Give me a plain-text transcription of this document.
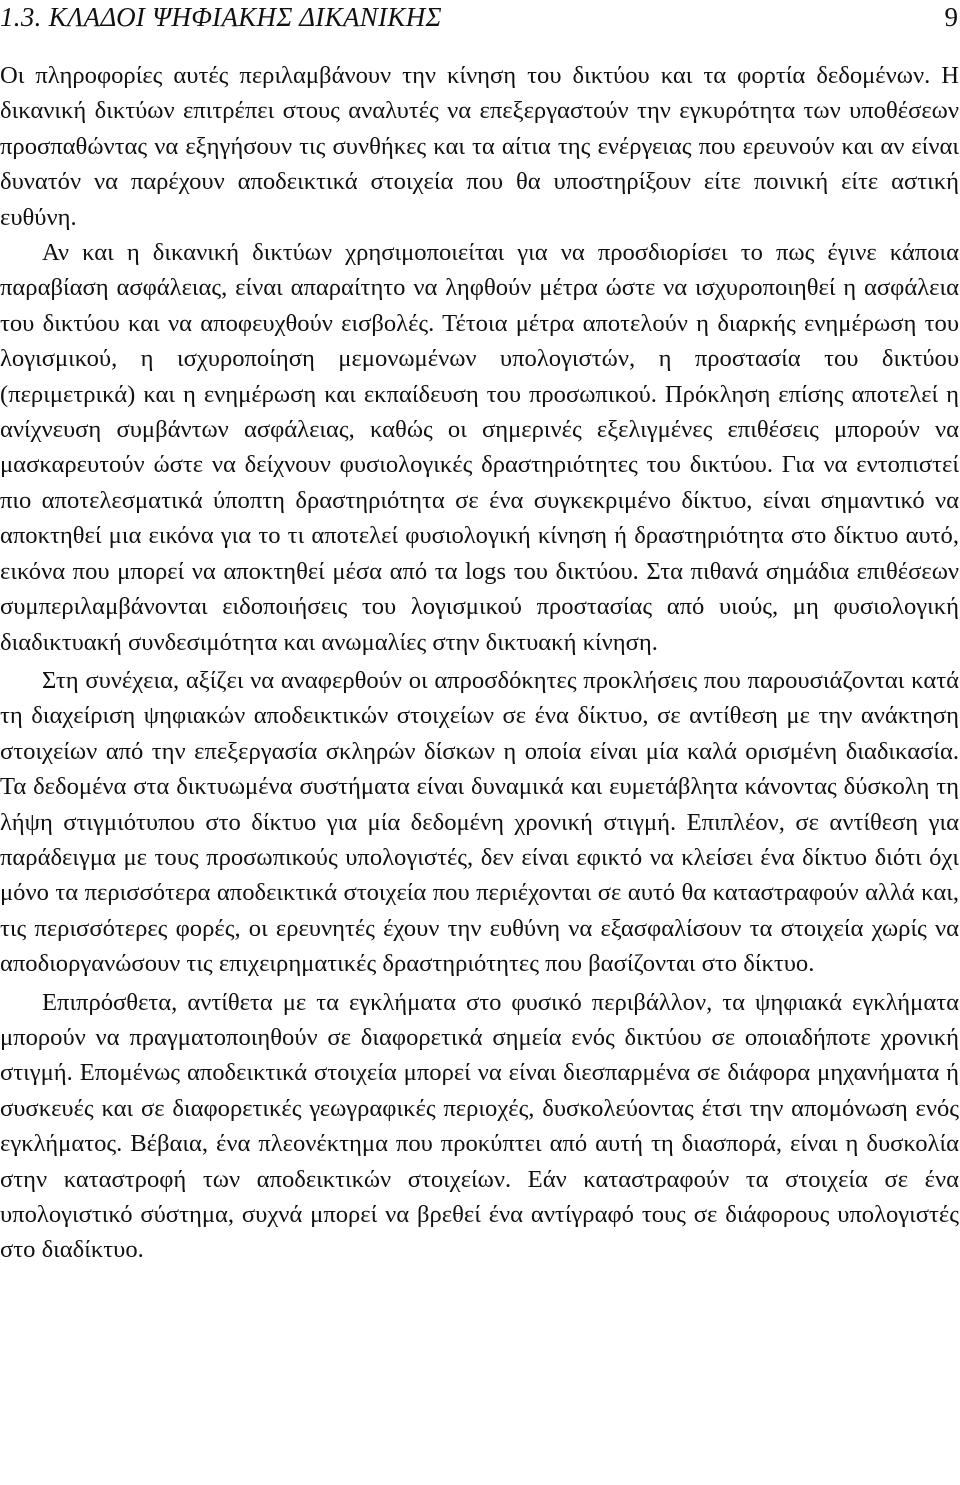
1.3. ΚΛΑΔΟΙ ΨΗΦΙΑΚΗΣ ΔΙΚΑΝΙΚΗΣ	9

Οι πληροφορίες αυτές περιλαμβάνουν την κίνηση του δικτύου και τα φορτία δεδομένων. Η δικανική δικτύων επιτρέπει στους αναλυτές να επεξεργαστούν την εγκυρότητα των υποθέσεων προσπαθώντας να εξηγήσουν τις συνθήκες και τα αίτια της ενέργειας που ερευνούν και αν είναι δυνατόν να παρέχουν αποδεικτικά στοιχεία που θα υποστηρίξουν είτε ποινική είτε αστική ευθύνη.

Αν και η δικανική δικτύων χρησιμοποιείται για να προσδιορίσει το πως έγινε κάποια παραβίαση ασφάλειας, είναι απαραίτητο να ληφθούν μέτρα ώστε να ισχυροποιηθεί η ασφάλεια του δικτύου και να αποφευχθούν εισβολές. Τέτοια μέτρα αποτελούν η διαρκής ενημέρωση του λογισμικού, η ισχυροποίηση μεμονωμένων υπολογιστών, η προστασία του δικτύου (περιμετρικά) και η ενημέρωση και εκπαίδευση του προσωπικού. Πρόκληση επίσης αποτελεί η ανίχνευση συμβάντων ασφάλειας, καθώς οι σημερινές εξελιγμένες επιθέσεις μπορούν να μασκαρευτούν ώστε να δείχνουν φυσιολογικές δραστηριότητες του δικτύου. Για να εντοπιστεί πιο αποτελεσματικά ύποπτη δραστηριότητα σε ένα συγκεκριμένο δίκτυο, είναι σημαντικό να αποκτηθεί μια εικόνα για το τι αποτελεί φυσιολογική κίνηση ή δραστηριότητα στο δίκτυο αυτό, εικόνα που μπορεί να αποκτηθεί μέσα από τα logs του δικτύου. Στα πιθανά σημάδια επιθέσεων συμπεριλαμβάνονται ειδοποιήσεις του λογισμικού προστασίας από υιούς, μη φυσιολογική διαδικτυακή συνδεσιμότητα και ανωμαλίες στην δικτυακή κίνηση.

Στη συνέχεια, αξίζει να αναφερθούν οι απροσδόκητες προκλήσεις που παρουσιάζονται κατά τη διαχείριση ψηφιακών αποδεικτικών στοιχείων σε ένα δίκτυο, σε αντίθεση με την ανάκτηση στοιχείων από την επεξεργασία σκληρών δίσκων η οποία είναι μία καλά ορισμένη διαδικασία. Τα δεδομένα στα δικτυωμένα συστήματα είναι δυναμικά και ευμετάβλητα κάνοντας δύσκολη τη λήψη στιγμιότυπου στο δίκτυο για μία δεδομένη χρονική στιγμή. Επιπλέον, σε αντίθεση για παράδειγμα με τους προσωπικούς υπολογιστές, δεν είναι εφικτό να κλείσει ένα δίκτυο διότι όχι μόνο τα περισσότερα αποδεικτικά στοιχεία που περιέχονται σε αυτό θα καταστραφούν αλλά και, τις περισσότερες φορές, οι ερευνητές έχουν την ευθύνη να εξασφαλίσουν τα στοιχεία χωρίς να αποδιοργανώσουν τις επιχειρηματικές δραστηριότητες που βασίζονται στο δίκτυο.

Επιπρόσθετα, αντίθετα με τα εγκλήματα στο φυσικό περιβάλλον, τα ψηφιακά εγκλήματα μπορούν να πραγματοποιηθούν σε διαφορετικά σημεία ενός δικτύου σε οποιαδήποτε χρονική στιγμή. Επομένως αποδεικτικά στοιχεία μπορεί να είναι διεσπαρμένα σε διάφορα μηχανήματα ή συσκευές και σε διαφορετικές γεωγραφικές περιοχές, δυσκολεύοντας έτσι την απομόνωση ενός εγκλήματος. Βέβαια, ένα πλεονέκτημα που προκύπτει από αυτή τη διασπορά, είναι η δυσκολία στην καταστροφή των αποδεικτικών στοιχείων. Εάν καταστραφούν τα στοιχεία σε ένα υπολογιστικό σύστημα, συχνά μπορεί να βρεθεί ένα αντίγραφό τους σε διάφορους υπολογιστές στο διαδίκτυο.
